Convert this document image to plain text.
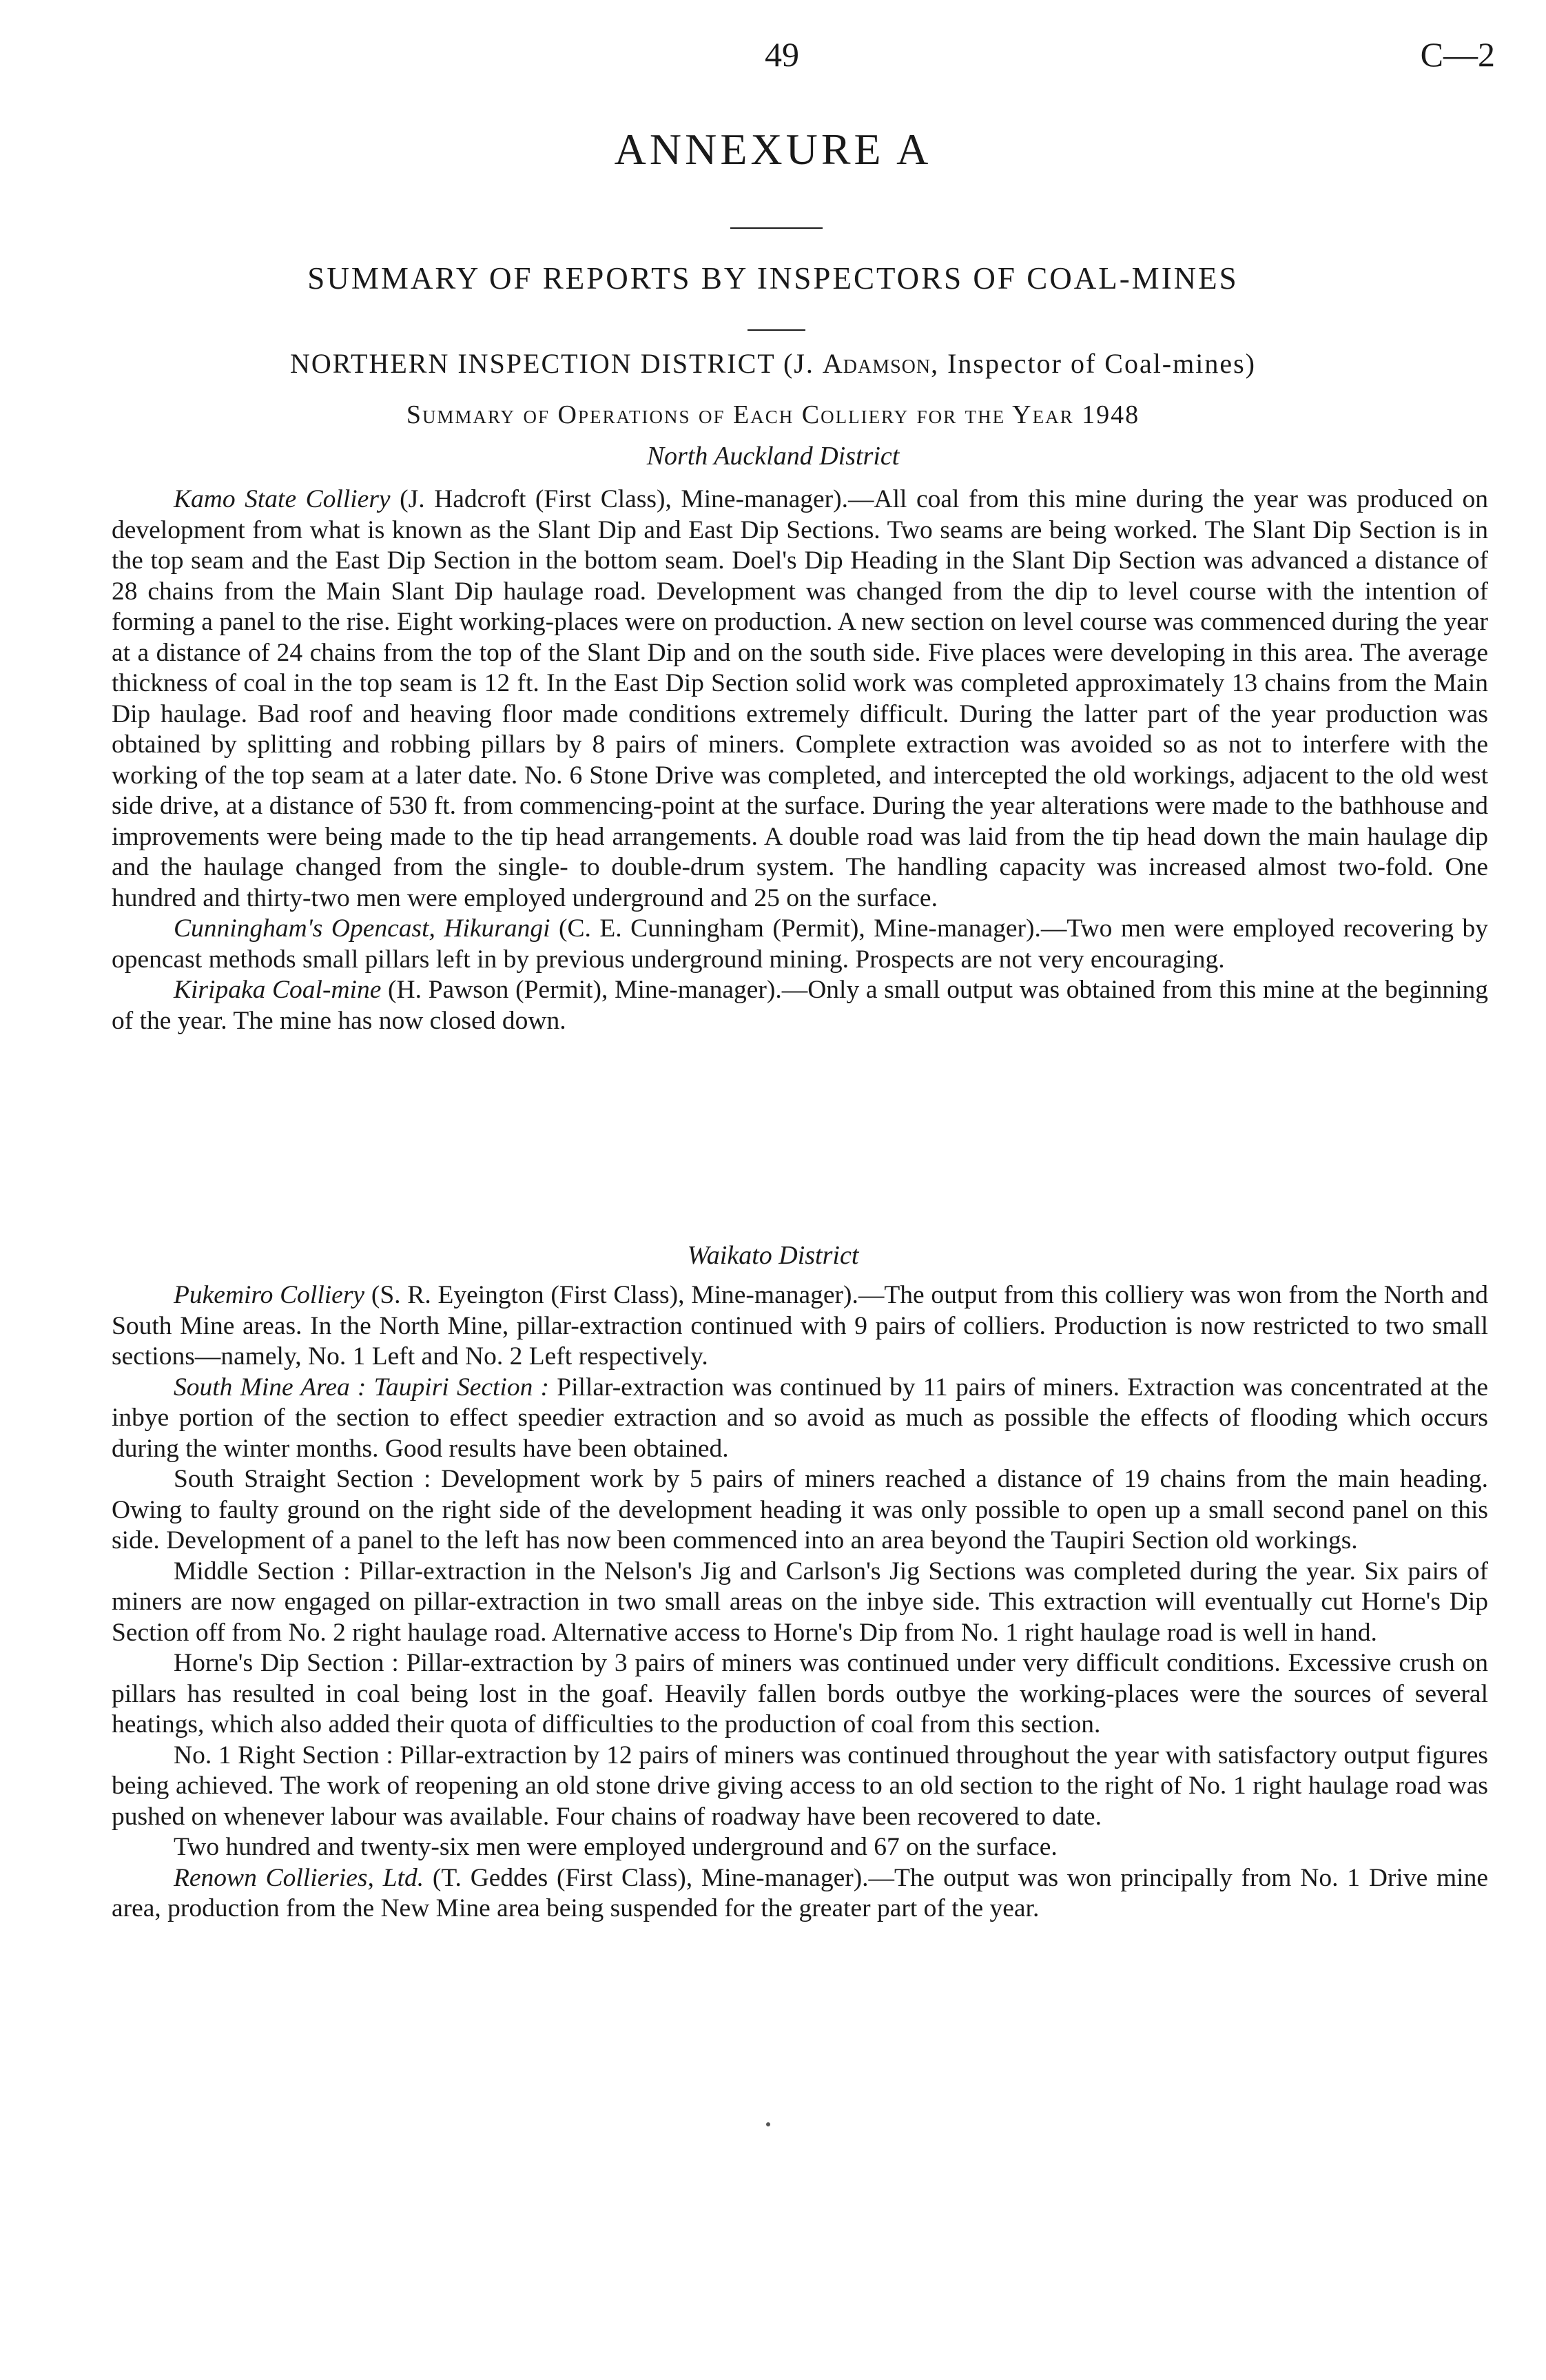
49	C—2
ANNEXURE A
SUMMARY OF REPORTS BY INSPECTORS OF COAL-MINES
NORTHERN INSPECTION DISTRICT (J. Adamson, Inspector of Coal-mines)
Summary of Operations of Each Colliery for the Year 1948
North Auckland District

Kamo State Colliery (J. Hadcroft (First Class), Mine-manager).—All coal from this mine during the year was produced on development from what is known as the Slant Dip and East Dip Sections. Two seams are being worked. The Slant Dip Section is in the top seam and the East Dip Section in the bottom seam. Doel's Dip Heading in the Slant Dip Section was advanced a distance of 28 chains from the Main Slant Dip haulage road. Development was changed from the dip to level course with the intention of forming a panel to the rise. Eight working-places were on production. A new section on level course was commenced during the year at a distance of 24 chains from the top of the Slant Dip and on the south side. Five places were developing in this area. The average thickness of coal in the top seam is 12 ft. In the East Dip Section solid work was completed approximately 13 chains from the Main Dip haulage. Bad roof and heaving floor made conditions extremely difficult. During the latter part of the year production was obtained by splitting and robbing pillars by 8 pairs of miners. Complete extraction was avoided so as not to interfere with the working of the top seam at a later date. No. 6 Stone Drive was completed, and intercepted the old workings, adjacent to the old west side drive, at a distance of 530 ft. from commencing-point at the surface. During the year alterations were made to the bathhouse and improvements were being made to the tip head arrangements. A double road was laid from the tip head down the main haulage dip and the haulage changed from the single- to double-drum system. The handling capacity was increased almost two-fold. One hundred and thirty-two men were employed underground and 25 on the surface.

Cunningham's Opencast, Hikurangi (C. E. Cunningham (Permit), Mine-manager).—Two men were employed recovering by opencast methods small pillars left in by previous underground mining. Prospects are not very encouraging.

Kiripaka Coal-mine (H. Pawson (Permit), Mine-manager).—Only a small output was obtained from this mine at the beginning of the year. The mine has now closed down.

Waikato District

Pukemiro Colliery (S. R. Eyeington (First Class), Mine-manager).—The output from this colliery was won from the North and South Mine areas. In the North Mine, pillar-extraction continued with 9 pairs of colliers. Production is now restricted to two small sections—namely, No. 1 Left and No. 2 Left respectively.

South Mine Area : Taupiri Section : Pillar-extraction was continued by 11 pairs of miners. Extraction was concentrated at the inbye portion of the section to effect speedier extraction and so avoid as much as possible the effects of flooding which occurs during the winter months. Good results have been obtained.

South Straight Section : Development work by 5 pairs of miners reached a distance of 19 chains from the main heading. Owing to faulty ground on the right side of the development heading it was only possible to open up a small second panel on this side. Development of a panel to the left has now been commenced into an area beyond the Taupiri Section old workings.

Middle Section : Pillar-extraction in the Nelson's Jig and Carlson's Jig Sections was completed during the year. Six pairs of miners are now engaged on pillar-extraction in two small areas on the inbye side. This extraction will eventually cut Horne's Dip Section off from No. 2 right haulage road. Alternative access to Horne's Dip from No. 1 right haulage road is well in hand.

Horne's Dip Section : Pillar-extraction by 3 pairs of miners was continued under very difficult conditions. Excessive crush on pillars has resulted in coal being lost in the goaf. Heavily fallen bords outbye the working-places were the sources of several heatings, which also added their quota of difficulties to the production of coal from this section.

No. 1 Right Section : Pillar-extraction by 12 pairs of miners was continued throughout the year with satisfactory output figures being achieved. The work of reopening an old stone drive giving access to an old section to the right of No. 1 right haulage road was pushed on whenever labour was available. Four chains of roadway have been recovered to date.

Two hundred and twenty-six men were employed underground and 67 on the surface.

Renown Collieries, Ltd. (T. Geddes (First Class), Mine-manager).—The output was won principally from No. 1 Drive mine area, production from the New Mine area being suspended for the greater part of the year.
